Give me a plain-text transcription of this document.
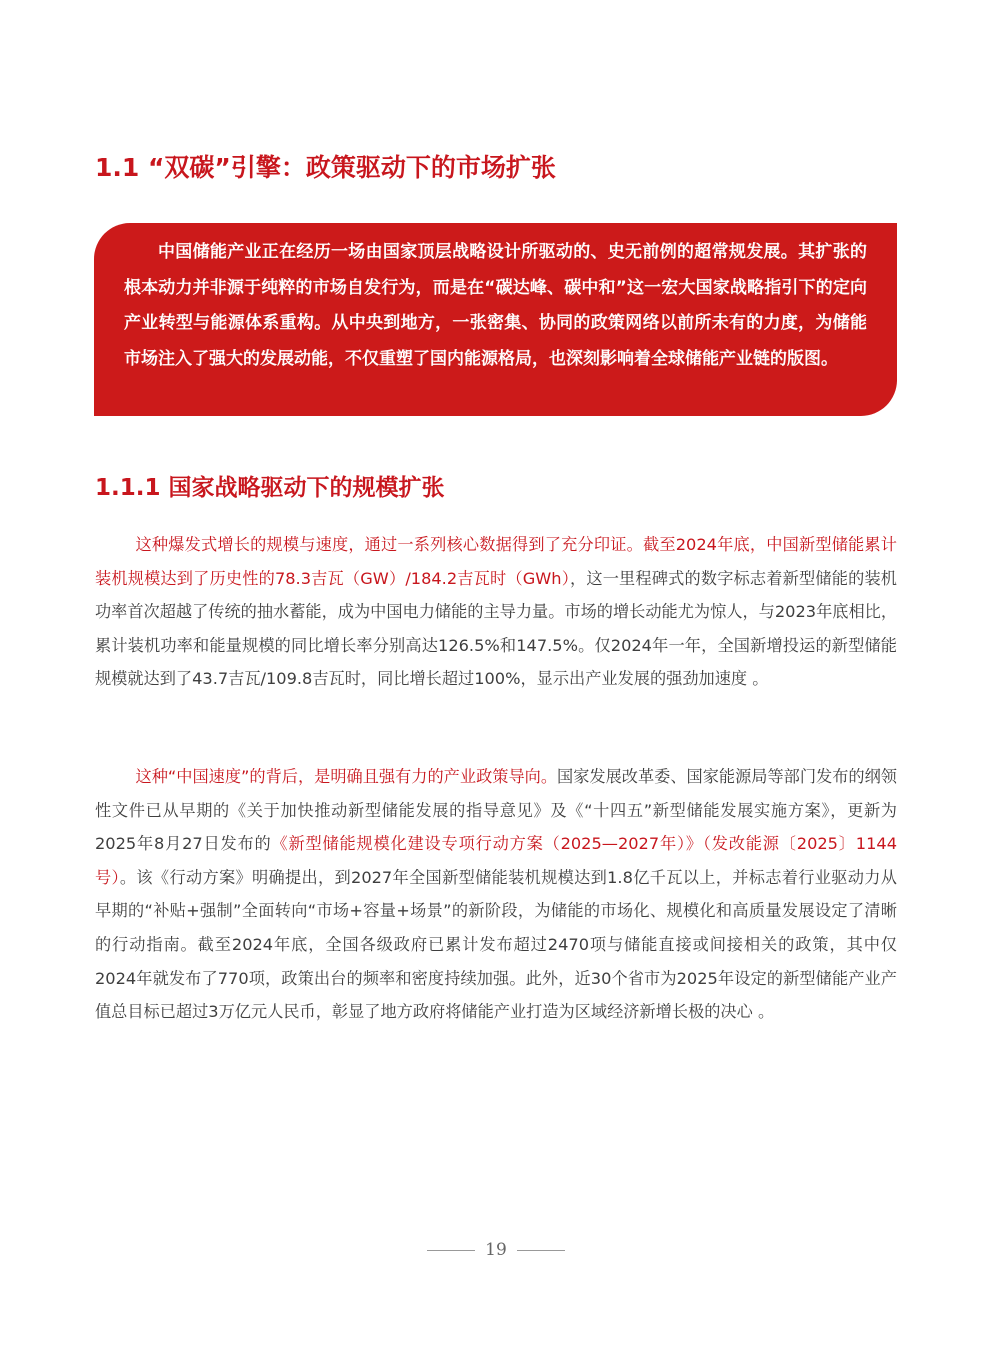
1.1 “双碳”引擎：政策驱动下的市场扩张

中国储能产业正在经历一场由国家顶层战略设计所驱动的、史无前例的超常规发展。其扩张的根本动力并非源于纯粹的市场自发行为，而是在“碳达峰、碳中和”这一宏大国家战略指引下的定向产业转型与能源体系重构。从中央到地方，一张密集、协同的政策网络以前所未有的力度，为储能市场注入了强大的发展动能，不仅重塑了国内能源格局，也深刻影响着全球储能产业链的版图。

1.1.1 国家战略驱动下的规模扩张

这种爆发式增长的规模与速度，通过一系列核心数据得到了充分印证。截至2024年底，中国新型储能累计装机规模达到了历史性的78.3吉瓦（GW）/184.2吉瓦时（GWh），这一里程碑式的数字标志着新型储能的装机功率首次超越了传统的抽水蓄能，成为中国电力储能的主导力量。市场的增长动能尤为惊人，与2023年底相比，累计装机功率和能量规模的同比增长率分别高达126.5%和147.5%。仅2024年一年，全国新增投运的新型储能规模就达到了43.7吉瓦/109.8吉瓦时，同比增长超过100%，显示出产业发展的强劲加速度 。

这种“中国速度”的背后，是明确且强有力的产业政策导向。国家发展改革委、国家能源局等部门发布的纲领性文件已从早期的《关于加快推动新型储能发展的指导意见》及《“十四五”新型储能发展实施方案》，更新为2025年8月27日发布的《新型储能规模化建设专项行动方案（2025—2027年）》（发改能源〔2025〕1144号）。该《行动方案》明确提出，到2027年全国新型储能装机规模达到1.8亿千瓦以上，并标志着行业驱动力从早期的“补贴+强制”全面转向“市场+容量+场景”的新阶段，为储能的市场化、规模化和高质量发展设定了清晰的行动指南。截至2024年底，全国各级政府已累计发布超过2470项与储能直接或间接相关的政策，其中仅2024年就发布了770项，政策出台的频率和密度持续加强。此外，近30个省市为2025年设定的新型储能产业产值总目标已超过3万亿元人民币，彰显了地方政府将储能产业打造为区域经济新增长极的决心 。

19
